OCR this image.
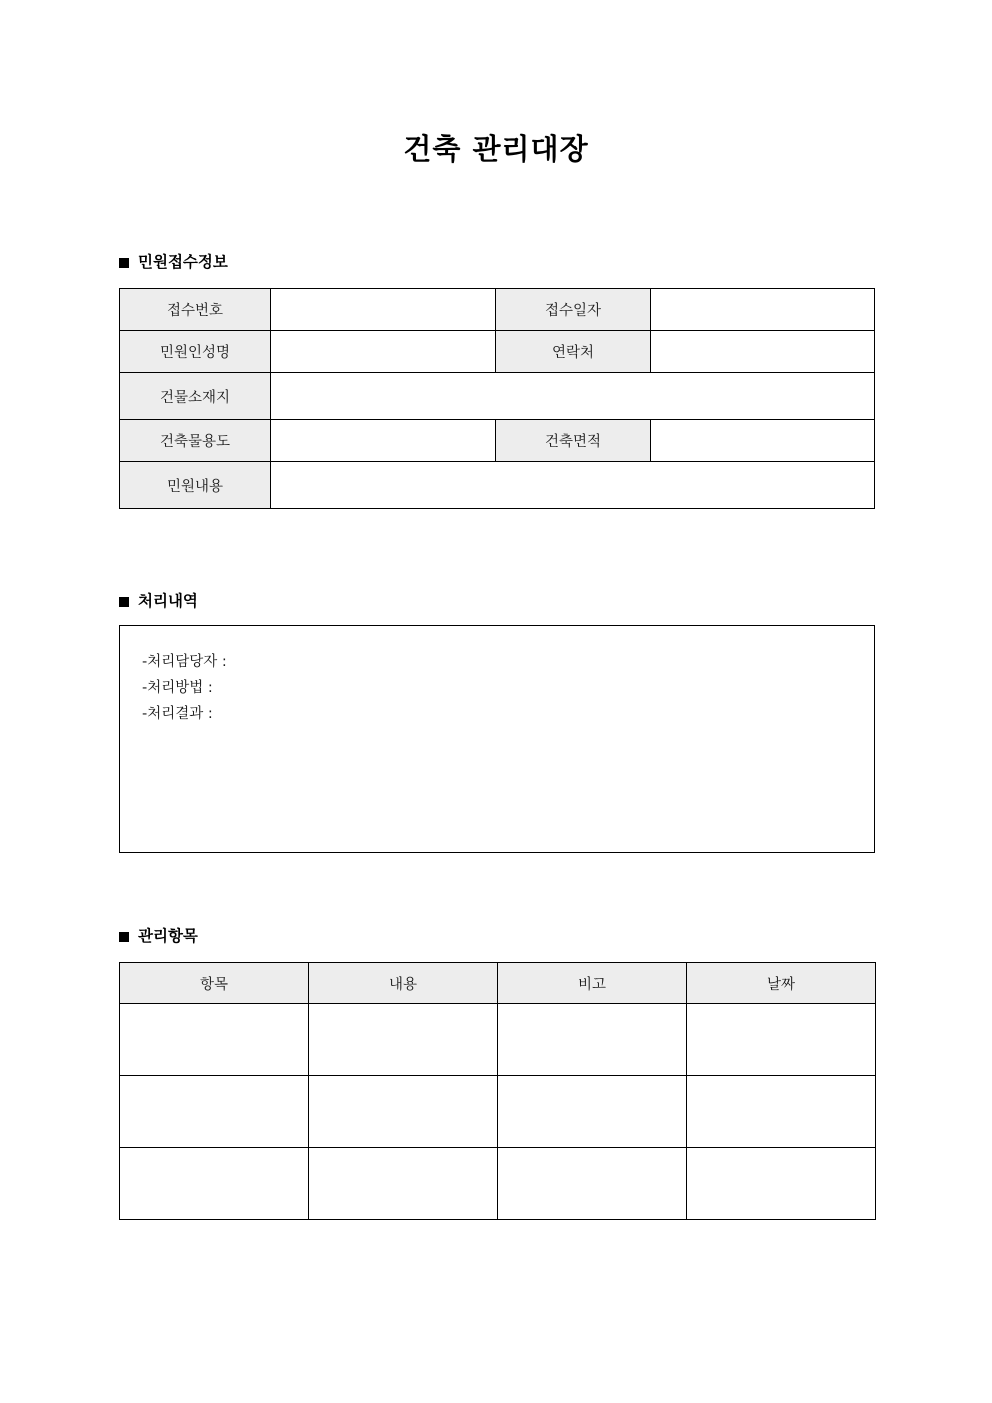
건축 관리대장
민원접수정보
접수번호		접수일자	
민원인성명		연락처	
건물소재지			
건축물용도		건축면적	
민원내용			
처리내역
-처리담당자 :
-처리방법 :
-처리결과 :
관리항목
항목	내용	비고	날짜
